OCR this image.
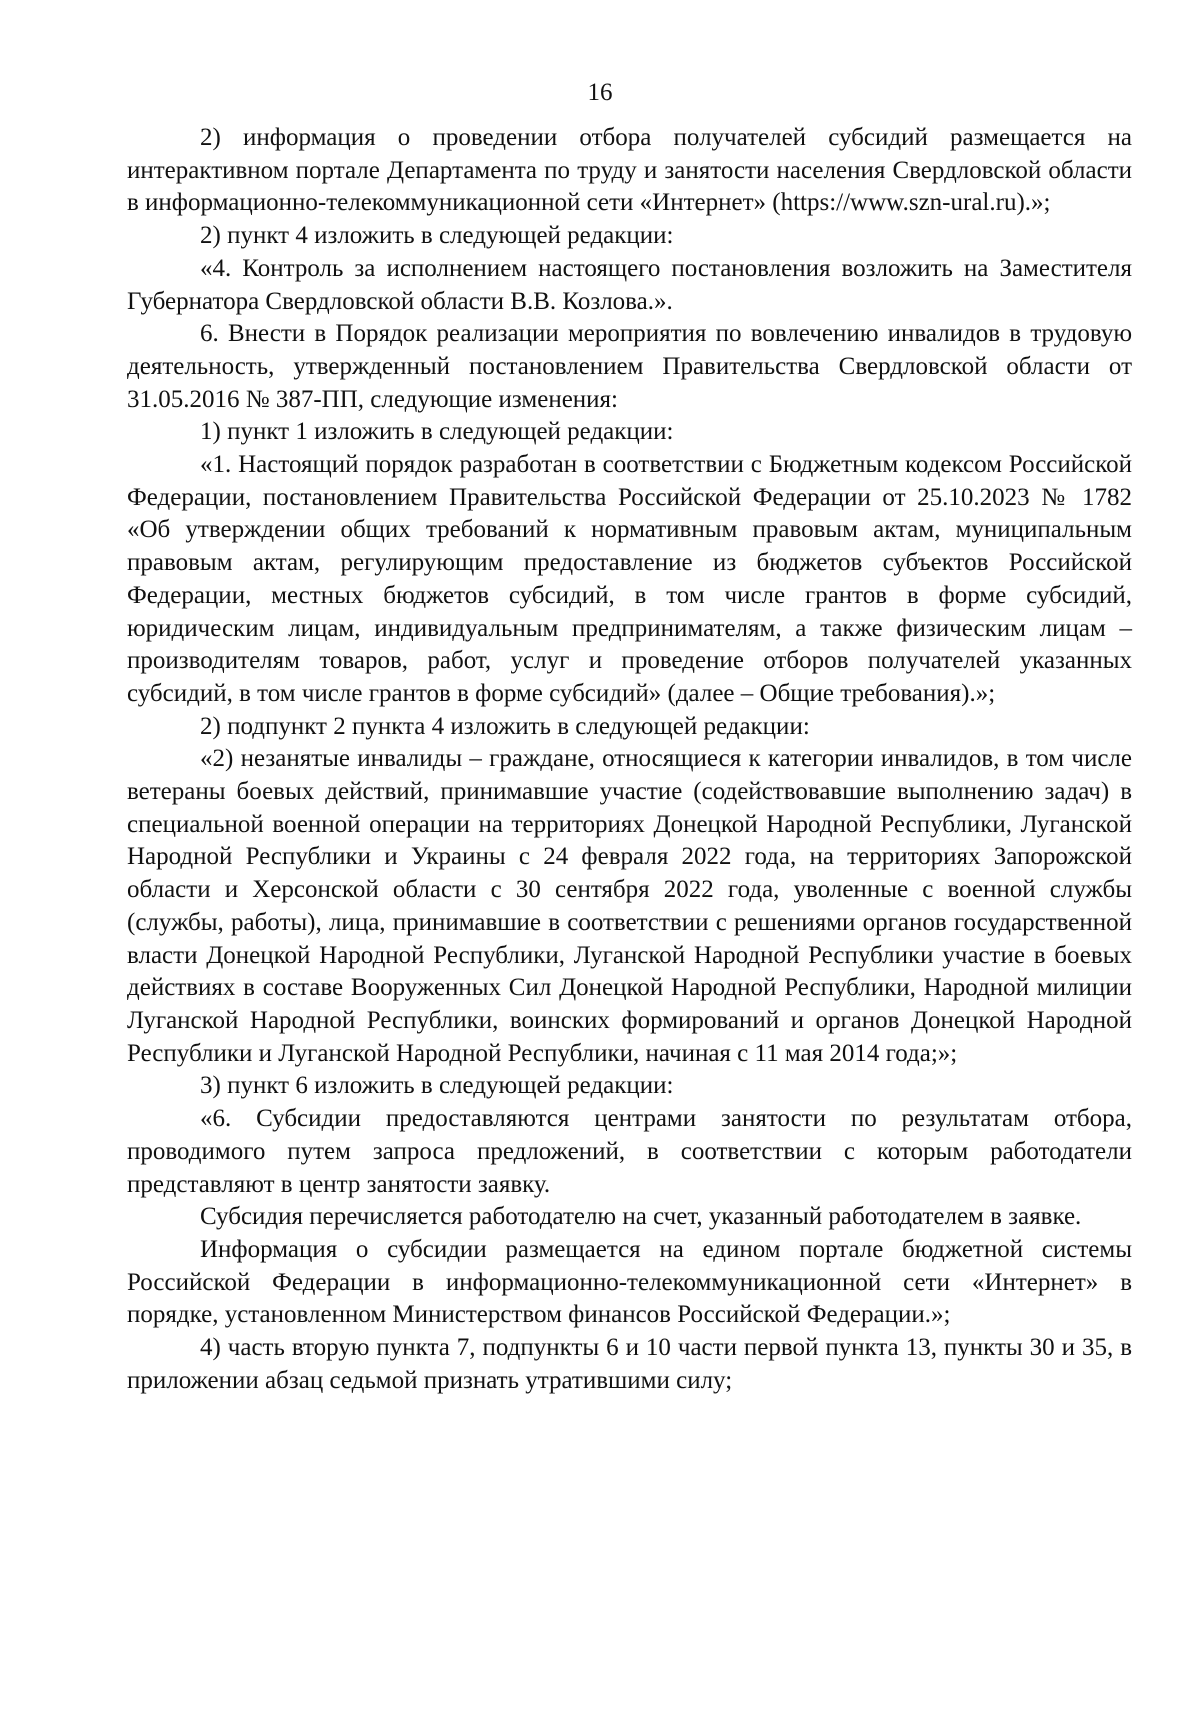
16

2) информация о проведении отбора получателей субсидий размещается на интерактивном портале Департамента по труду и занятости населения Свердловской области в информационно-телекоммуникационной сети «Интернет» (https://www.szn-ural.ru).»;

2) пункт 4 изложить в следующей редакции:

«4. Контроль за исполнением настоящего постановления возложить на Заместителя Губернатора Свердловской области В.В. Козлова.».

6. Внести в Порядок реализации мероприятия по вовлечению инвалидов в трудовую деятельность, утвержденный постановлением Правительства Свердловской области от 31.05.2016 № 387-ПП, следующие изменения:

1) пункт 1 изложить в следующей редакции:

«1. Настоящий порядок разработан в соответствии с Бюджетным кодексом Российской Федерации, постановлением Правительства Российской Федерации от 25.10.2023 № 1782 «Об утверждении общих требований к нормативным правовым актам, муниципальным правовым актам, регулирующим предоставление из бюджетов субъектов Российской Федерации, местных бюджетов субсидий, в том числе грантов в форме субсидий, юридическим лицам, индивидуальным предпринимателям, а также физическим лицам – производителям товаров, работ, услуг и проведение отборов получателей указанных субсидий, в том числе грантов в форме субсидий» (далее – Общие требования).»;

2) подпункт 2 пункта 4 изложить в следующей редакции:

«2) незанятые инвалиды – граждане, относящиеся к категории инвалидов, в том числе ветераны боевых действий, принимавшие участие (содействовавшие выполнению задач) в специальной военной операции на территориях Донецкой Народной Республики, Луганской Народной Республики и Украины с 24 февраля 2022 года, на территориях Запорожской области и Херсонской области с 30 сентября 2022 года, уволенные с военной службы (службы, работы), лица, принимавшие в соответствии с решениями органов государственной власти Донецкой Народной Республики, Луганской Народной Республики участие в боевых действиях в составе Вооруженных Сил Донецкой Народной Республики, Народной милиции Луганской Народной Республики, воинских формирований и органов Донецкой Народной Республики и Луганской Народной Республики, начиная с 11 мая 2014 года;»;

3) пункт 6 изложить в следующей редакции:

«6. Субсидии предоставляются центрами занятости по результатам отбора, проводимого путем запроса предложений, в соответствии с которым работодатели представляют в центр занятости заявку.

Субсидия перечисляется работодателю на счет, указанный работодателем в заявке.

Информация о субсидии размещается на едином портале бюджетной системы Российской Федерации в информационно-телекоммуникационной сети «Интернет» в порядке, установленном Министерством финансов Российской Федерации.»;

4) часть вторую пункта 7, подпункты 6 и 10 части первой пункта 13, пункты 30 и 35, в приложении абзац седьмой признать утратившими силу;
